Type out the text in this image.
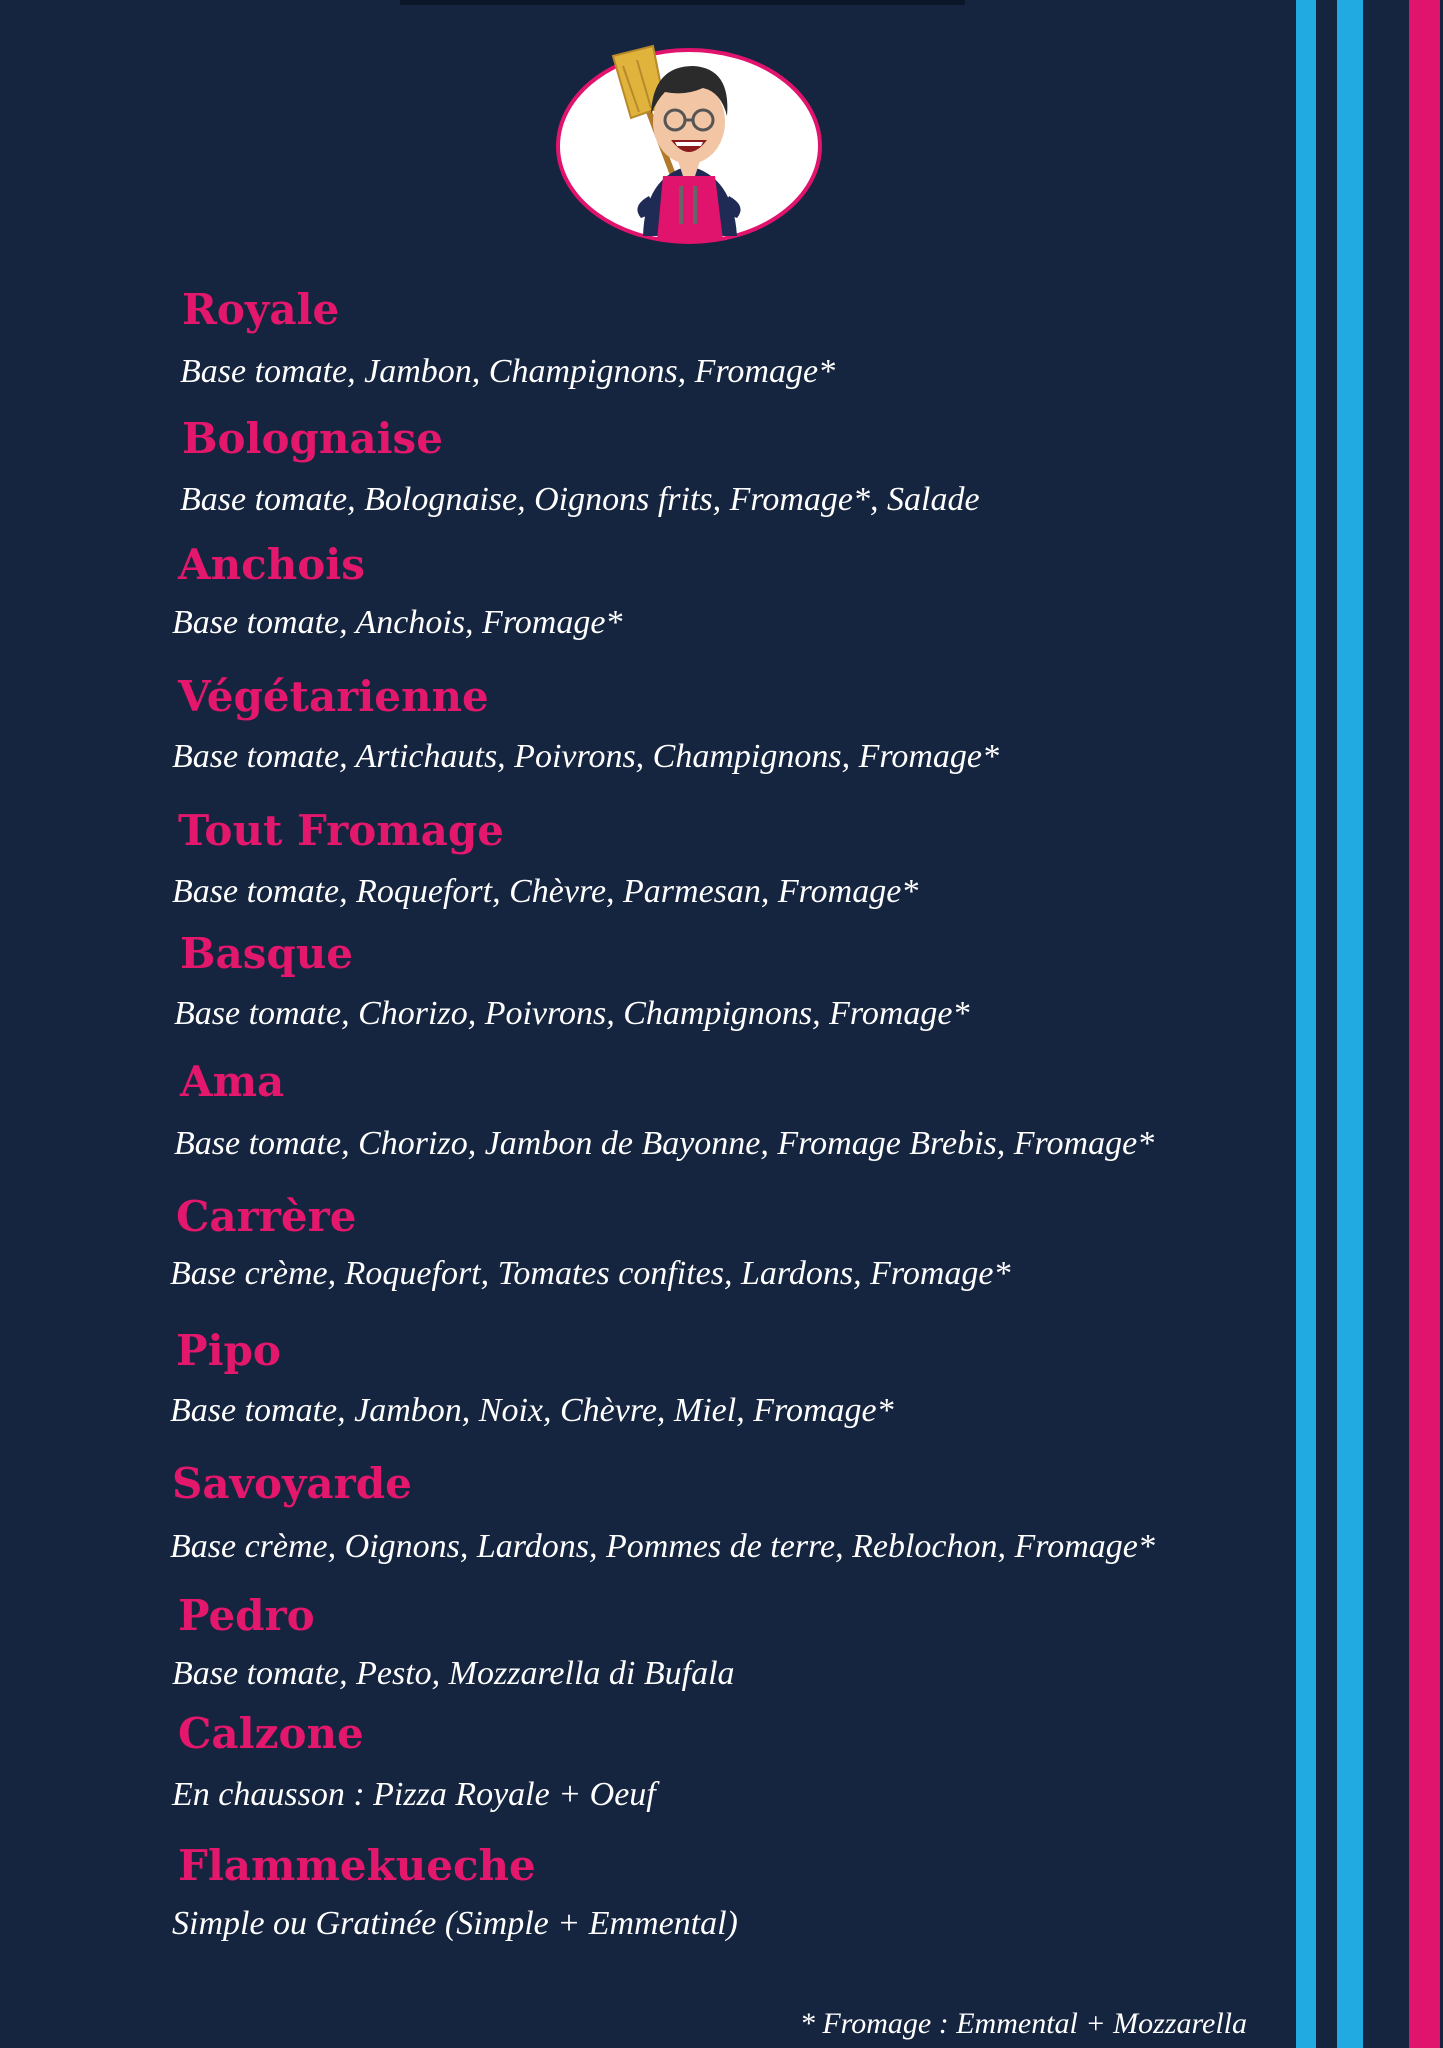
Royale

Base tomate, Jambon, Champignons, Fromage*

Bolognaise

Base tomate, Bolognaise, Oignons frits, Fromage*, Salade

Anchois

Base tomate, Anchois, Fromage*

Végétarienne

Base tomate, Artichauts, Poivrons, Champignons, Fromage*

Tout Fromage

Base tomate, Roquefort, Chèvre, Parmesan, Fromage*

Basque

Base tomate, Chorizo, Poivrons, Champignons, Fromage*

Ama

Base tomate, Chorizo, Jambon de Bayonne, Fromage Brebis, Fromage*

Carrère

Base crème, Roquefort, Tomates confites, Lardons, Fromage*

Pipo

Base tomate, Jambon, Noix, Chèvre, Miel, Fromage*

Savoyarde

Base crème, Oignons, Lardons, Pommes de terre, Reblochon, Fromage*

Pedro

Base tomate, Pesto, Mozzarella di Bufala

Calzone

En chausson : Pizza Royale + Oeuf

Flammekueche

Simple ou Gratinée (Simple + Emmental)

* Fromage : Emmental + Mozzarella
